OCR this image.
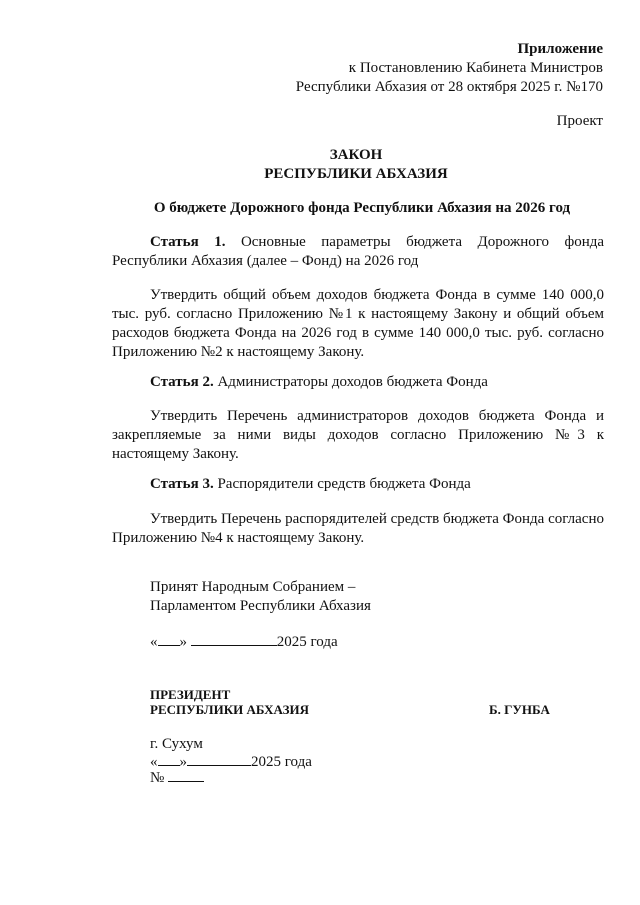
Приложение
к Постановлению Кабинета Министров
Республики Абхазия от 28 октября 2025 г. №170
Проект
ЗАКОН
РЕСПУБЛИКИ АБХАЗИЯ
О бюджете Дорожного фонда Республики Абхазия на 2026 год
Статья 1. Основные параметры бюджета Дорожного фонда Республики Абхазия (далее – Фонд) на 2026 год
Утвердить общий объем доходов бюджета Фонда в сумме 140 000,0 тыс. руб. согласно Приложению №1 к настоящему Закону и общий объем расходов бюджета Фонда на 2026 год в сумме 140 000,0 тыс. руб. согласно Приложению №2 к настоящему Закону.
Статья 2. Администраторы доходов бюджета Фонда
Утвердить Перечень администраторов доходов бюджета Фонда и закрепляемые за ними виды доходов согласно Приложению №3 к настоящему Закону.
Статья 3. Распорядители средств бюджета Фонда
Утвердить Перечень распорядителей средств бюджета Фонда согласно Приложению №4 к настоящему Закону.
Принят Народным Собранием –
Парламентом Республики Абхазия
« »	2025 года
ПРЕЗИДЕНТ
РЕСПУБЛИКИ АБХАЗИЯ	Б. ГУНБА
г. Сухум
« »	2025 года
№
